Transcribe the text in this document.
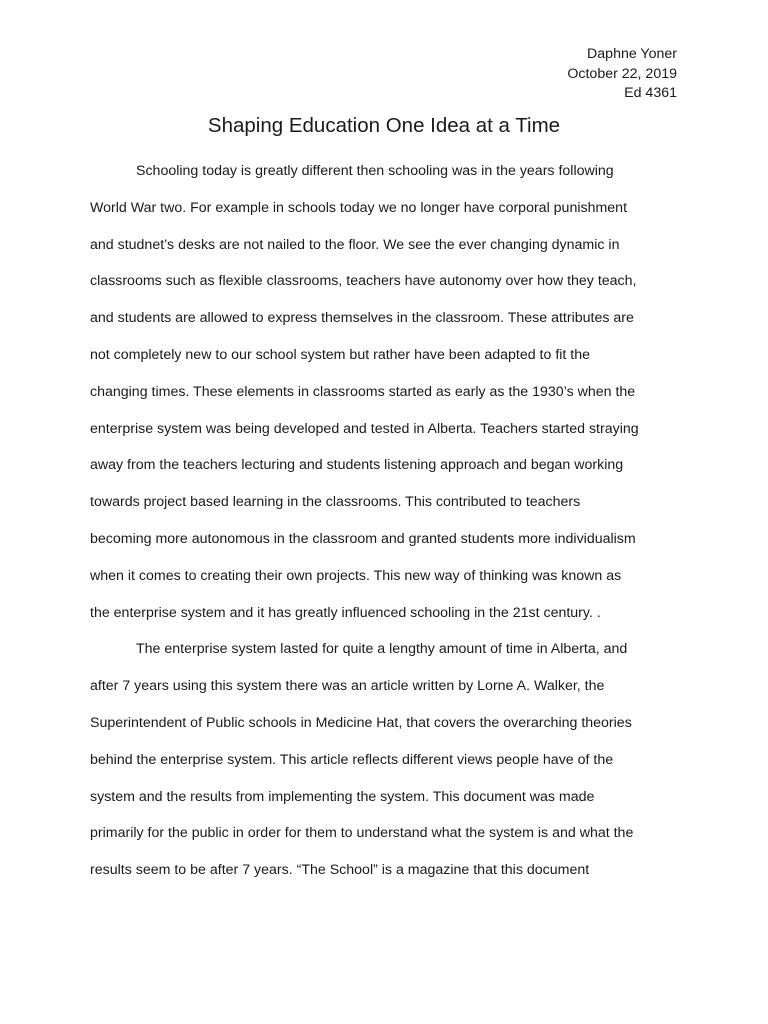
Daphne Yoner
October 22, 2019
Ed 4361
Shaping Education One Idea at a Time
Schooling today is greatly different then schooling was in the years following
World War two. For example in schools today we no longer have corporal punishment
and studnet’s desks are not nailed to the floor. We see the ever changing dynamic in
classrooms such as flexible classrooms, teachers have autonomy over how they teach,
and students are allowed to express themselves in the classroom. These attributes are
not completely new to our school system but rather have been adapted to fit the
changing times. These elements in classrooms started as early as the 1930’s when the
enterprise system was being developed and tested in Alberta. Teachers started straying
away from the teachers lecturing and students listening approach and began working
towards project based learning in the classrooms. This contributed to teachers
becoming more autonomous in the classroom and granted students more individualism
when it comes to creating their own projects. This new way of thinking was known as
the enterprise system and it has greatly influenced schooling in the 21st century. .
The enterprise system lasted for quite a lengthy amount of time in Alberta, and
after 7 years using this system there was an article written by Lorne A. Walker, the
Superintendent of Public schools in Medicine Hat, that covers the overarching theories
behind the enterprise system. This article reflects different views people have of the
system and the results from implementing the system. This document was made
primarily for the public in order for them to understand what the system is and what the
results seem to be after 7 years. “The School” is a magazine that this document
